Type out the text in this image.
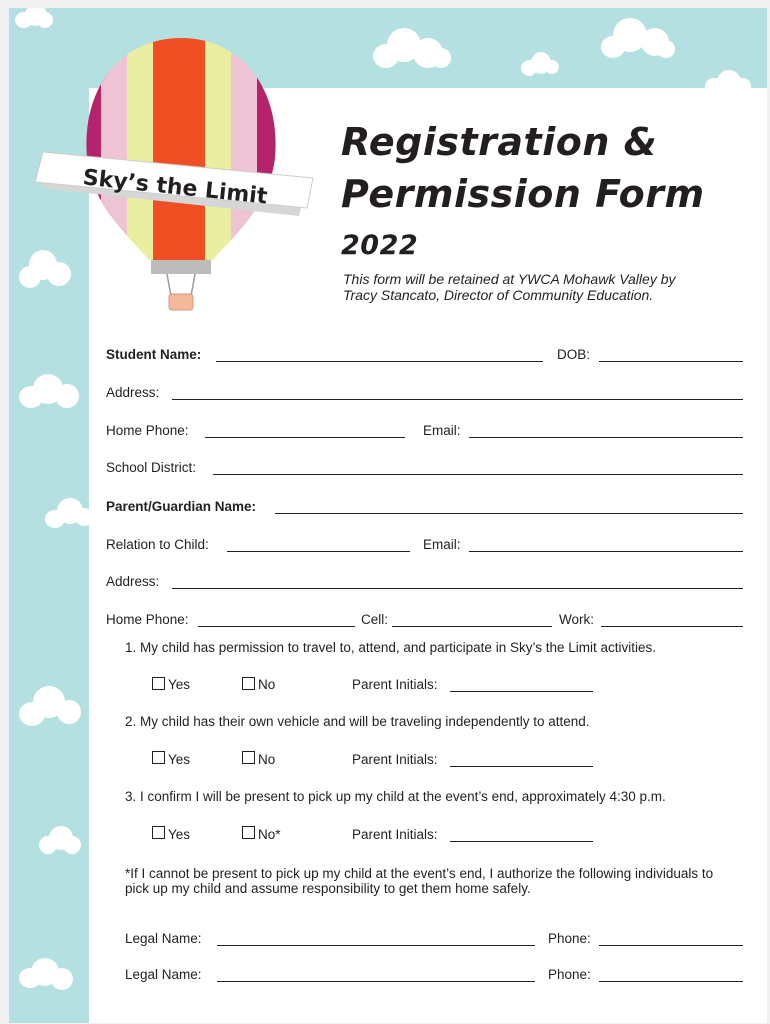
Sky’s the Limit
Registration &
Permission Form
2022
This form will be retained at YWCA Mohawk Valley by Tracy Stancato, Director of Community Education.
Student Name:	DOB:
Address:
Home Phone:	Email:
School District:
Parent/Guardian Name:
Relation to Child:	Email:
Address:
Home Phone:	Cell:	Work:
1. My child has permission to travel to, attend, and participate in Sky’s the Limit activities.
Yes	No	Parent Initials:
2. My child has their own vehicle and will be traveling independently to attend.
Yes	No	Parent Initials:
3. I confirm I will be present to pick up my child at the event’s end, approximately 4:30 p.m.
Yes	No*	Parent Initials:
*If I cannot be present to pick up my child at the event’s end, I authorize the following individuals to pick up my child and assume responsibility to get them home safely.
Legal Name:	Phone:
Legal Name:	Phone:
